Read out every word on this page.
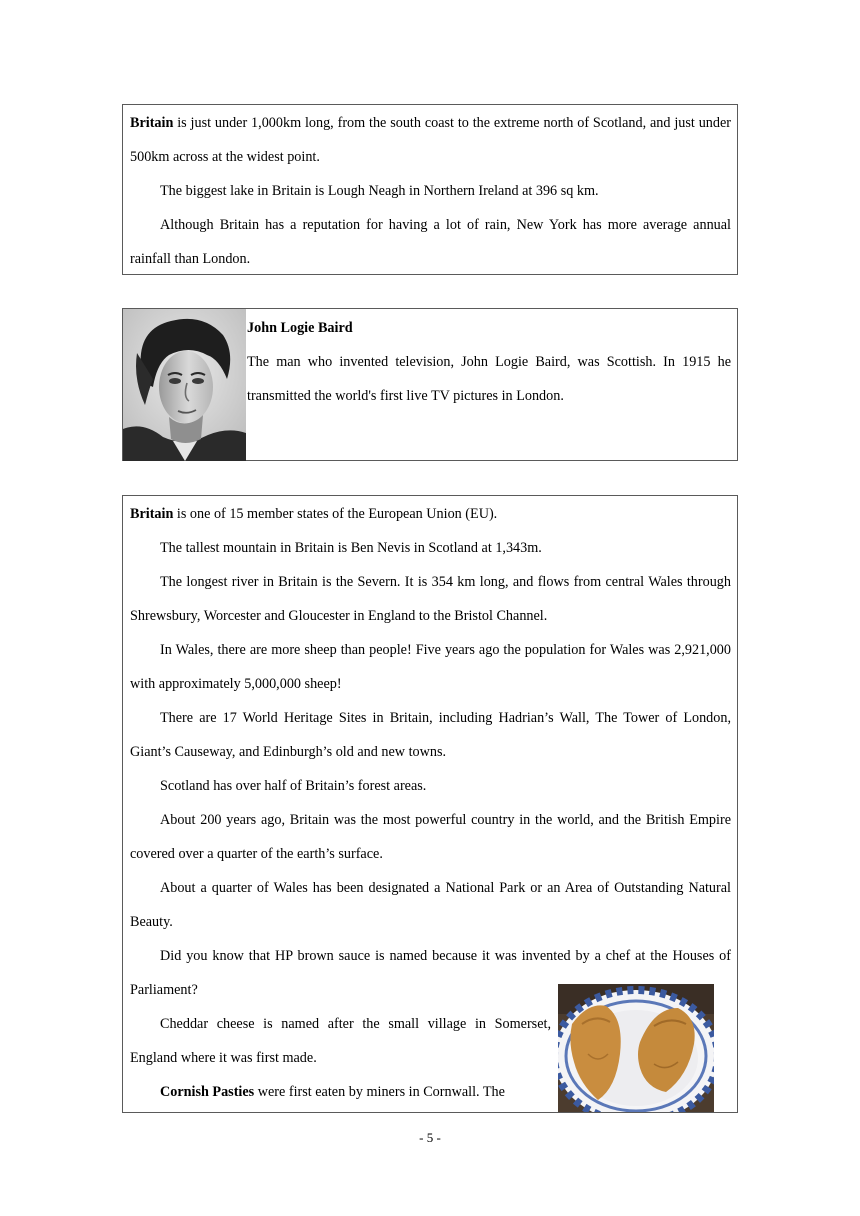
Britain is just under 1,000km long, from the south coast to the extreme north of Scotland, and just under 500km across at the widest point.

The biggest lake in Britain is Lough Neagh in Northern Ireland at 396 sq km.

Although Britain has a reputation for having a lot of rain, New York has more average annual rainfall than London.

John Logie Baird

The man who invented television, John Logie Baird, was Scottish. In 1915 he transmitted the world's first live TV pictures in London.

Britain is one of 15 member states of the European Union (EU).

The tallest mountain in Britain is Ben Nevis in Scotland at 1,343m.

The longest river in Britain is the Severn. It is 354 km long, and flows from central Wales through Shrewsbury, Worcester and Gloucester in England to the Bristol Channel.

In Wales, there are more sheep than people! Five years ago the population for Wales was 2,921,000 with approximately 5,000,000 sheep!

There are 17 World Heritage Sites in Britain, including Hadrian’s Wall, The Tower of London, Giant’s Causeway, and Edinburgh’s old and new towns.

Scotland has over half of Britain’s forest areas.

About 200 years ago, Britain was the most powerful country in the world, and the British Empire covered over a quarter of the earth’s surface.

About a quarter of Wales has been designated a National Park or an Area of Outstanding Natural Beauty.

Did you know that HP brown sauce is named because it was invented by a chef at the Houses of Parliament?

Cheddar cheese is named after the small village in Somerset, England where it was first made.

Cornish Pasties were first eaten by miners in Cornwall. The

- 5 -
